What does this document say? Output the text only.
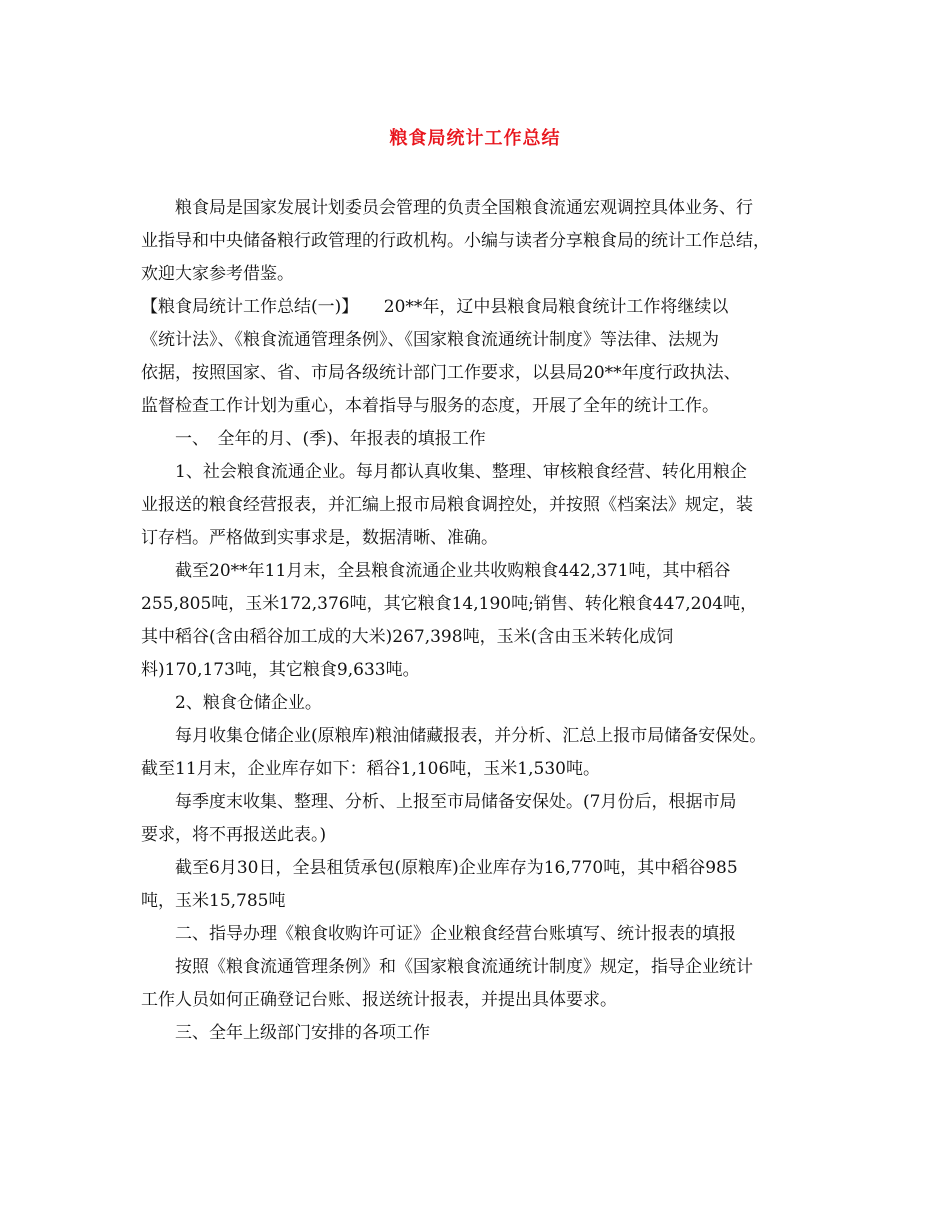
粮食局统计工作总结

粮食局是国家发展计划委员会管理的负责全国粮食流通宏观调控具体业务、行

业指导和中央储备粮行政管理的行政机构。小编与读者分享粮食局的统计工作总结，

欢迎大家参考借鉴。

【粮食局统计工作总结(一)】　　20**年，辽中县粮食局粮食统计工作将继续以

《统计法》、《粮食流通管理条例》、《国家粮食流通统计制度》等法律、法规为

依据，按照国家、省、市局各级统计部门工作要求，以县局20**年度行政执法、

监督检查工作计划为重心，本着指导与服务的态度，开展了全年的统计工作。

一、　全年的月、(季)、年报表的填报工作

1、社会粮食流通企业。每月都认真收集、整理、审核粮食经营、转化用粮企

业报送的粮食经营报表，并汇编上报市局粮食调控处，并按照《档案法》规定，装

订存档。严格做到实事求是，数据清晰、准确。

截至20**年11月末，全县粮食流通企业共收购粮食442,371吨，其中稻谷

255,805吨，玉米172,376吨，其它粮食14,190吨;销售、转化粮食447,204吨，

其中稻谷(含由稻谷加工成的大米)267,398吨，玉米(含由玉米转化成饲

料)170,173吨，其它粮食9,633吨。

2、粮食仓储企业。

每月收集仓储企业(原粮库)粮油储藏报表，并分析、汇总上报市局储备安保处。

截至11月末，企业库存如下：稻谷1,106吨，玉米1,530吨。

每季度末收集、整理、分析、上报至市局储备安保处。(7月份后，根据市局

要求，将不再报送此表。)

截至6月30日，全县租赁承包(原粮库)企业库存为16,770吨，其中稻谷985

吨，玉米15,785吨

二、指导办理《粮食收购许可证》企业粮食经营台账填写、统计报表的填报

按照《粮食流通管理条例》和《国家粮食流通统计制度》规定，指导企业统计

工作人员如何正确登记台账、报送统计报表，并提出具体要求。

三、全年上级部门安排的各项工作
